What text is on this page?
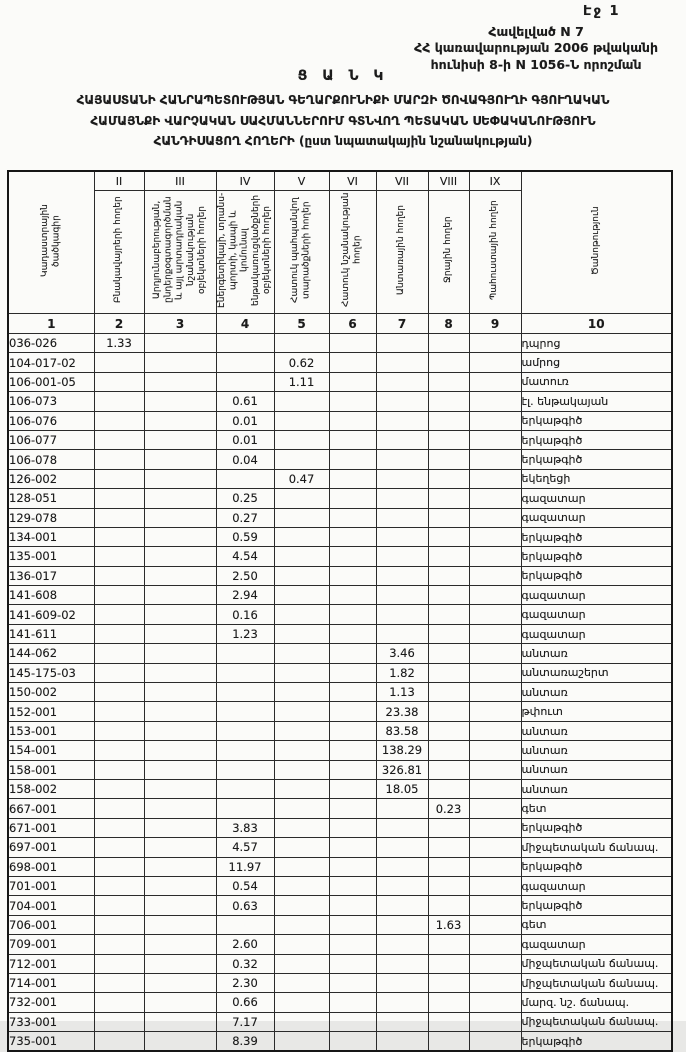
Էջ 1
Հավելված N 7
ՀՀ կառավարության 2006 թվականի
հունիսի 8-ի N 1056-Ն որոշման
Ց Ա Ն Կ
ՀԱՅԱՍՏԱՆԻ ՀԱՆՐԱՊԵՏՈՒԹՅԱՆ ԳԵՂԱՐՔՈՒՆԻՔԻ ՄԱՐԶԻ ԾՈՎԱԳՅՈՒՂԻ ԳՅՈՒՂԱԿԱՆ
ՀԱՄԱՅՆՔԻ ՎԱՐՉԱԿԱՆ ՍԱՀՄԱՆՆԵՐՈՒՄ ԳՏՆՎՈՂ ՊԵՏԱԿԱՆ ՍԵՓԱԿԱՆՈՒԹՅՈՒՆ
ՀԱՆԴԻՍԱՑՈՂ ՀՈՂԵՐԻ (ըստ նպատակային նշանակության)
Կադաստրային ծածկագիր	II	III	IV	V	VI	VII	VIII	IX	Ծանոթություն
	Բնակավայրերի հողեր	Արդյունաբերության, ընդերքօգտագործման և այլ արտադրական նշանակության օբյեկտների հողեր	Էներգետիկայի, տրանսպորտի, կապի և կոմունալ ենթակառուցվածքների օբյեկտների հողեր	Հատուկ պահպանվող տարածքների հողեր	Հատուկ նշանակության հողեր	Անտառային հողեր	Ջրային հողեր	Պահուստային հողեր	
1	2	3	4	5	6	7	8	9	10
036-026	1.33								դպրոց
104-017-02				0.62					ամրոց
106-001-05				1.11					մատուռ
106-073			0.61						էլ. ենթակայան
106-076			0.01						երկաթգիծ
106-077			0.01						երկաթգիծ
106-078			0.04						երկաթգիծ
126-002				0.47					եկեղեցի
128-051			0.25						գազատար
129-078			0.27						գազատար
134-001			0.59						երկաթգիծ
135-001			4.54						երկաթգիծ
136-017			2.50						երկաթգիծ
141-608			2.94						գազատար
141-609-02			0.16						գազատար
141-611			1.23						գազատար
144-062						3.46			անտառ
145-175-03						1.82			անտառաշերտ
150-002						1.13			անտառ
152-001						23.38			թփուտ
153-001						83.58			անտառ
154-001						138.29			անտառ
158-001						326.81			անտառ
158-002						18.05			անտառ
667-001							0.23		գետ
671-001			3.83						երկաթգիծ
697-001			4.57						միջպետական ճանապ.
698-001			11.97						երկաթգիծ
701-001			0.54						գազատար
704-001			0.63						երկաթգիծ
706-001							1.63		գետ
709-001			2.60						գազատար
712-001			0.32						միջպետական ճանապ.
714-001			2.30						միջպետական ճանապ.
732-001			0.66						մարզ. նշ. ճանապ.
733-001			7.17						միջպետական ճանապ.
735-001			8.39						երկաթգիծ
